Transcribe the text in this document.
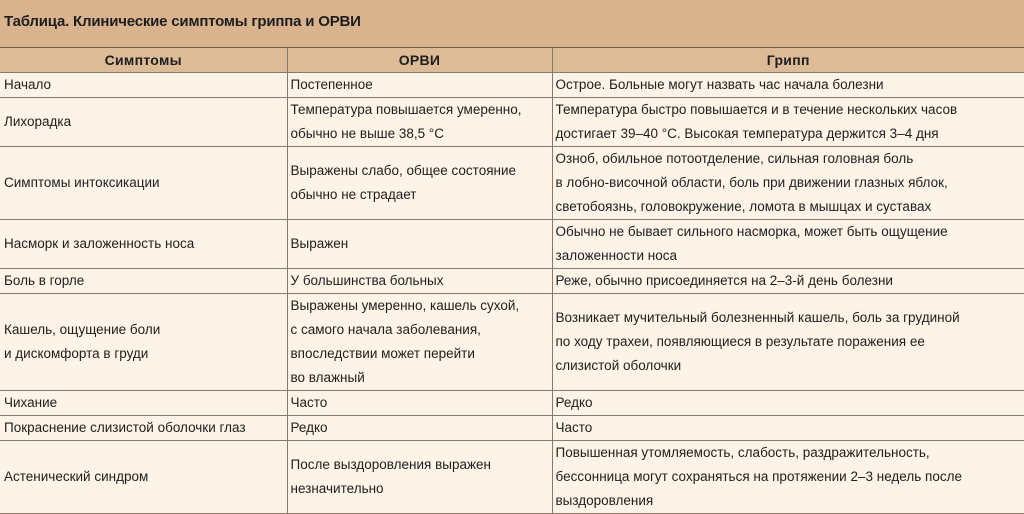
Таблица. Клинические симптомы гриппа и ОРВИ
Симптомы	ОРВИ	Грипп

Начало	Постепенное	Острое. Больные могут назвать час начала болезни

Лихорадка	Температура повышается умеренно,
обычно не выше 38,5 °С	Температура быстро повышается и в течение нескольких часов
достигает 39–40 °С. Высокая температура держится 3–4 дня

Симптомы интоксикации	Выражены слабо, общее состояние
обычно не страдает	Озноб, обильное потоотделение, сильная головная боль
в лобно-височной области, боль при движении глазных яблок,
светобоязнь, головокружение, ломота в мышцах и суставах

Насморк и заложенность носа	Выражен	Обычно не бывает сильного насморка, может быть ощущение
заложенности носа

Боль в горле	У большинства больных	Реже, обычно присоединяется на 2–3-й день болезни

Кашель, ощущение боли
и дискомфорта в груди	Выражены умеренно, кашель сухой,
с самого начала заболевания,
впоследствии может перейти
во влажный	Возникает мучительный болезненный кашель, боль за грудиной
по ходу трахеи, появляющиеся в результате поражения ее
слизистой оболочки

Чихание	Часто	Редко

Покраснение слизистой оболочки глаз	Редко	Часто

Астенический синдром	После выздоровления выражен
незначительно	Повышенная утомляемость, слабость, раздражительность,
бессонница могут сохраняться на протяжении 2–3 недель после
выздоровления
